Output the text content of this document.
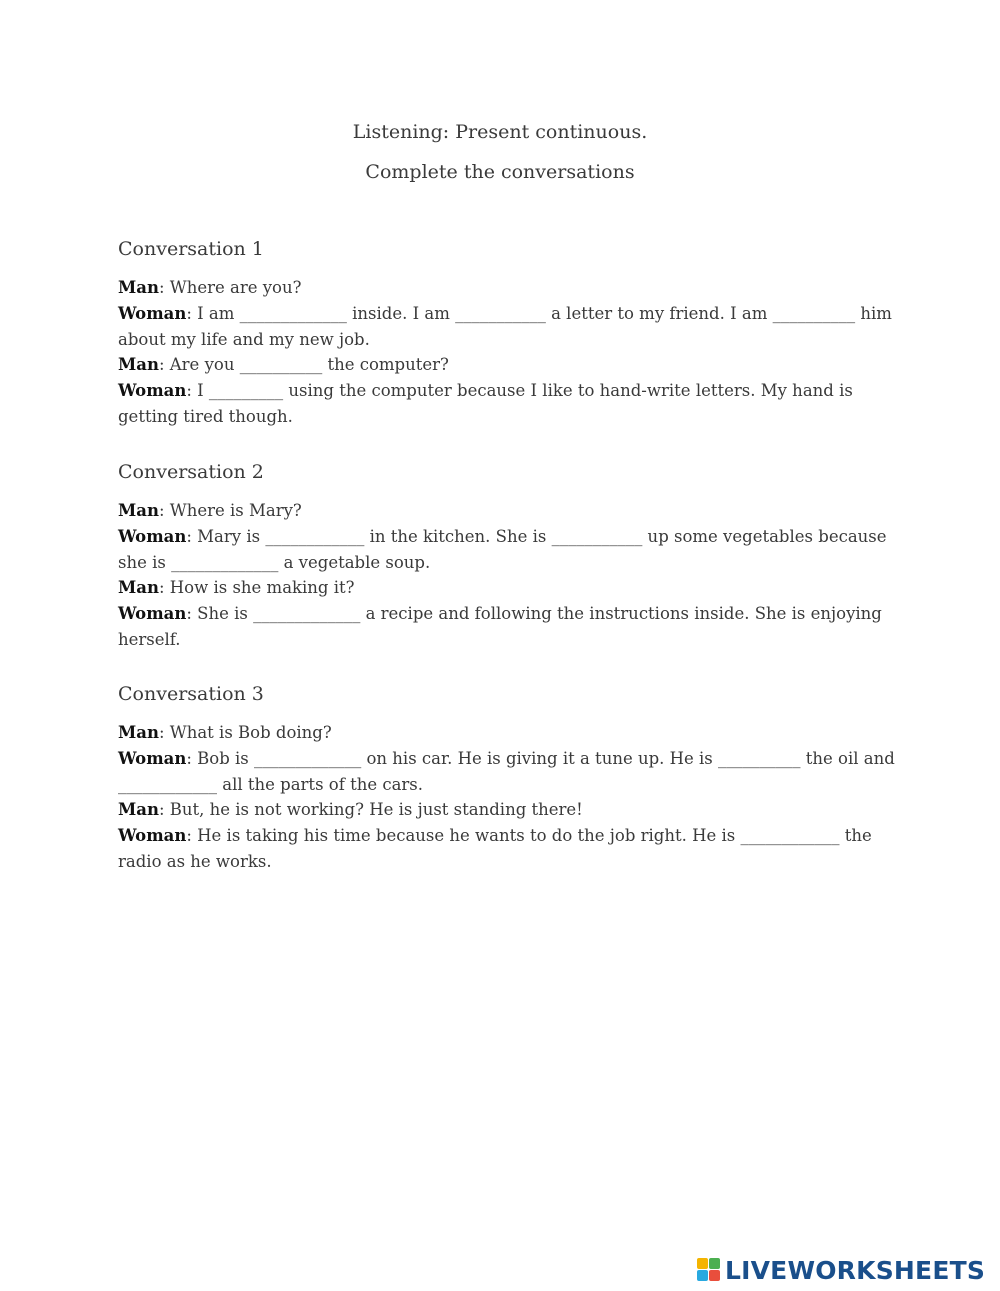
Listening: Present continuous.
Complete the conversations
Conversation 1

Man: Where are you?

Woman: I am _____________ inside. I am ___________ a letter to my friend. I am __________ him about my life and my new job.

Man: Are you __________ the computer?

Woman: I _________ using the computer because I like to hand-write letters. My hand is getting tired though.

Conversation 2

Man: Where is Mary?

Woman: Mary is ____________ in the kitchen. She is ___________ up some vegetables because she is _____________ a vegetable soup.

Man: How is she making it?

Woman: She is _____________ a recipe and following the instructions inside. She is enjoying herself.

Conversation 3

Man: What is Bob doing?

Woman: Bob is _____________ on his car. He is giving it a tune up. He is __________ the oil and ____________ all the parts of the cars.

Man: But, he is not working? He is just standing there!

Woman: He is taking his time because he wants to do the job right. He is ____________ the radio as he works.

LIVEWORKSHEETS
